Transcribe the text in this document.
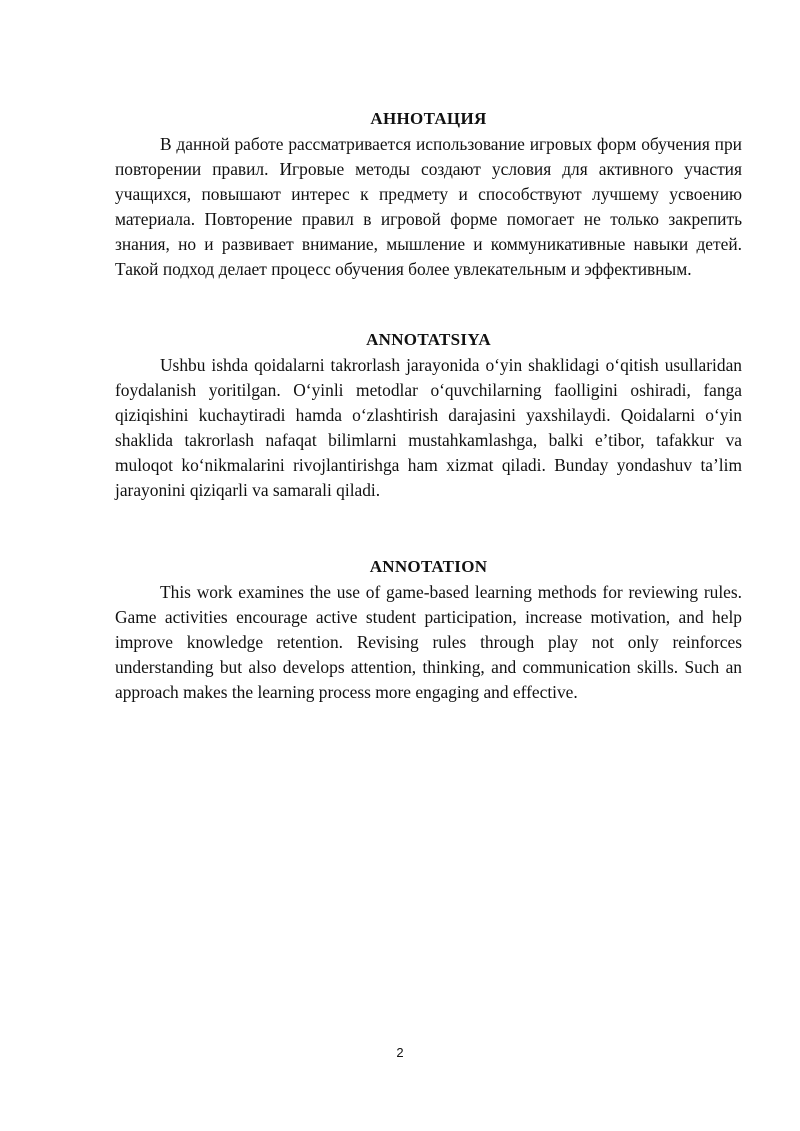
АННОТАЦИЯ

В данной работе рассматривается использование игровых форм обучения при повторении правил. Игровые методы создают условия для активного участия учащихся, повышают интерес к предмету и способствуют лучшему усвоению материала. Повторение правил в игровой форме помогает не только закрепить знания, но и развивает внимание, мышление и коммуникативные навыки детей. Такой подход делает процесс обучения более увлекательным и эффективным.

ANNOTATSIYA

Ushbu ishda qoidalarni takrorlash jarayonida o‘yin shaklidagi o‘qitish usullaridan foydalanish yoritilgan. O‘yinli metodlar o‘quvchilarning faolligini oshiradi, fanga qiziqishini kuchaytiradi hamda o‘zlashtirish darajasini yaxshilaydi. Qoidalarni o‘yin shaklida takrorlash nafaqat bilimlarni mustahkamlashga, balki e’tibor, tafakkur va muloqot ko‘nikmalarini rivojlantirishga ham xizmat qiladi. Bunday yondashuv ta’lim jarayonini qiziqarli va samarali qiladi.

ANNOTATION

This work examines the use of game-based learning methods for reviewing rules. Game activities encourage active student participation, increase motivation, and help improve knowledge retention. Revising rules through play not only reinforces understanding but also develops attention, thinking, and communication skills. Such an approach makes the learning process more engaging and effective.

2
